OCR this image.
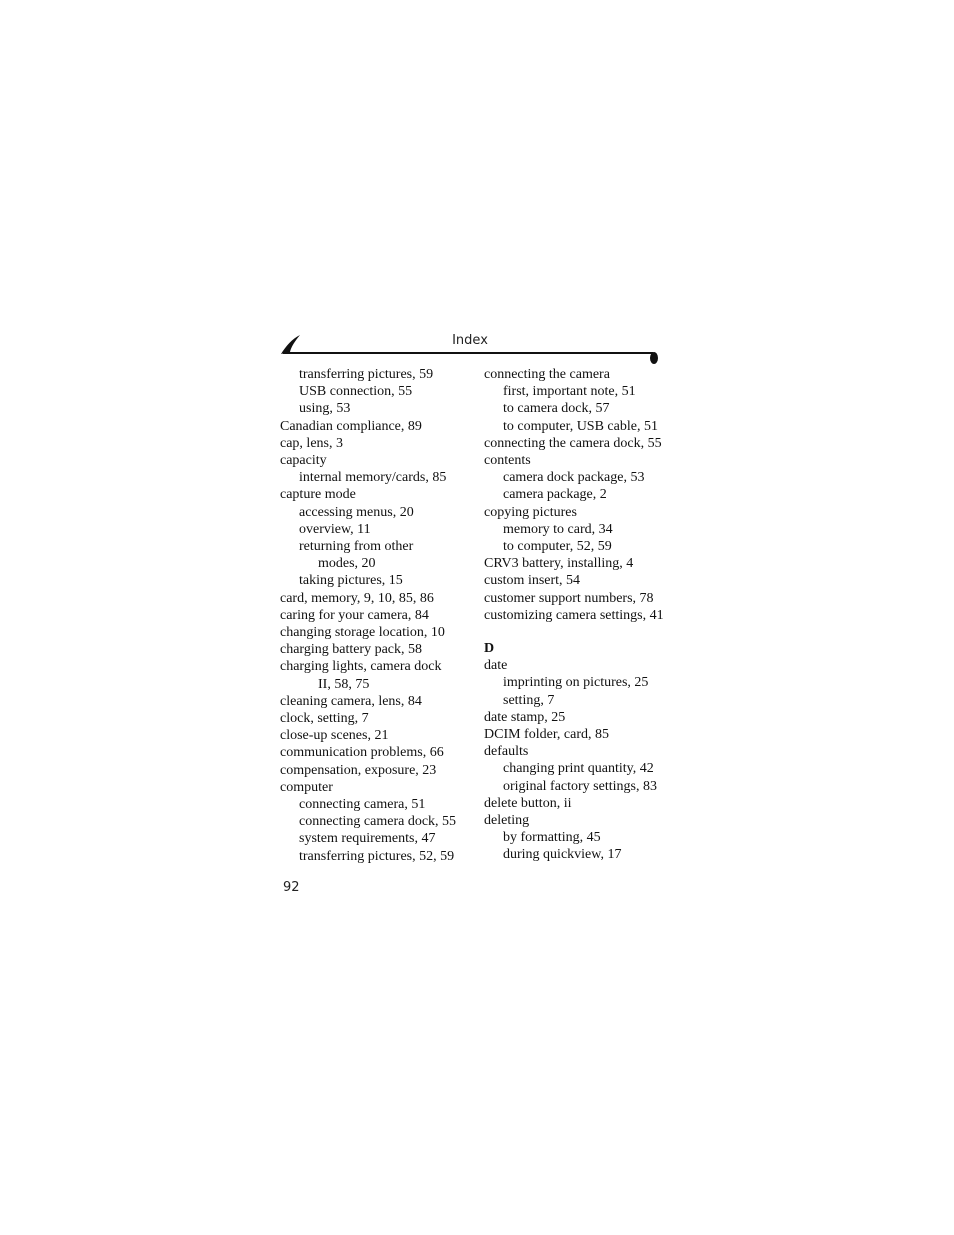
Index
transferring pictures, 59
USB connection, 55
using, 53
Canadian compliance, 89
cap, lens, 3
capacity
internal memory/cards, 85
capture mode
accessing menus, 20
overview, 11
returning from other
modes, 20
taking pictures, 15
card, memory, 9, 10, 85, 86
caring for your camera, 84
changing storage location, 10
charging battery pack, 58
charging lights, camera dock
II, 58, 75
cleaning camera, lens, 84
clock, setting, 7
close-up scenes, 21
communication problems, 66
compensation, exposure, 23
computer
connecting camera, 51
connecting camera dock, 55
system requirements, 47
transferring pictures, 52, 59
connecting the camera
first, important note, 51
to camera dock, 57
to computer, USB cable, 51
connecting the camera dock, 55
contents
camera dock package, 53
camera package, 2
copying pictures
memory to card, 34
to computer, 52, 59
CRV3 battery, installing, 4
custom insert, 54
customer support numbers, 78
customizing camera settings, 41
D
date
imprinting on pictures, 25
setting, 7
date stamp, 25
DCIM folder, card, 85
defaults
changing print quantity, 42
original factory settings, 83
delete button, ii
deleting
by formatting, 45
during quickview, 17
92
